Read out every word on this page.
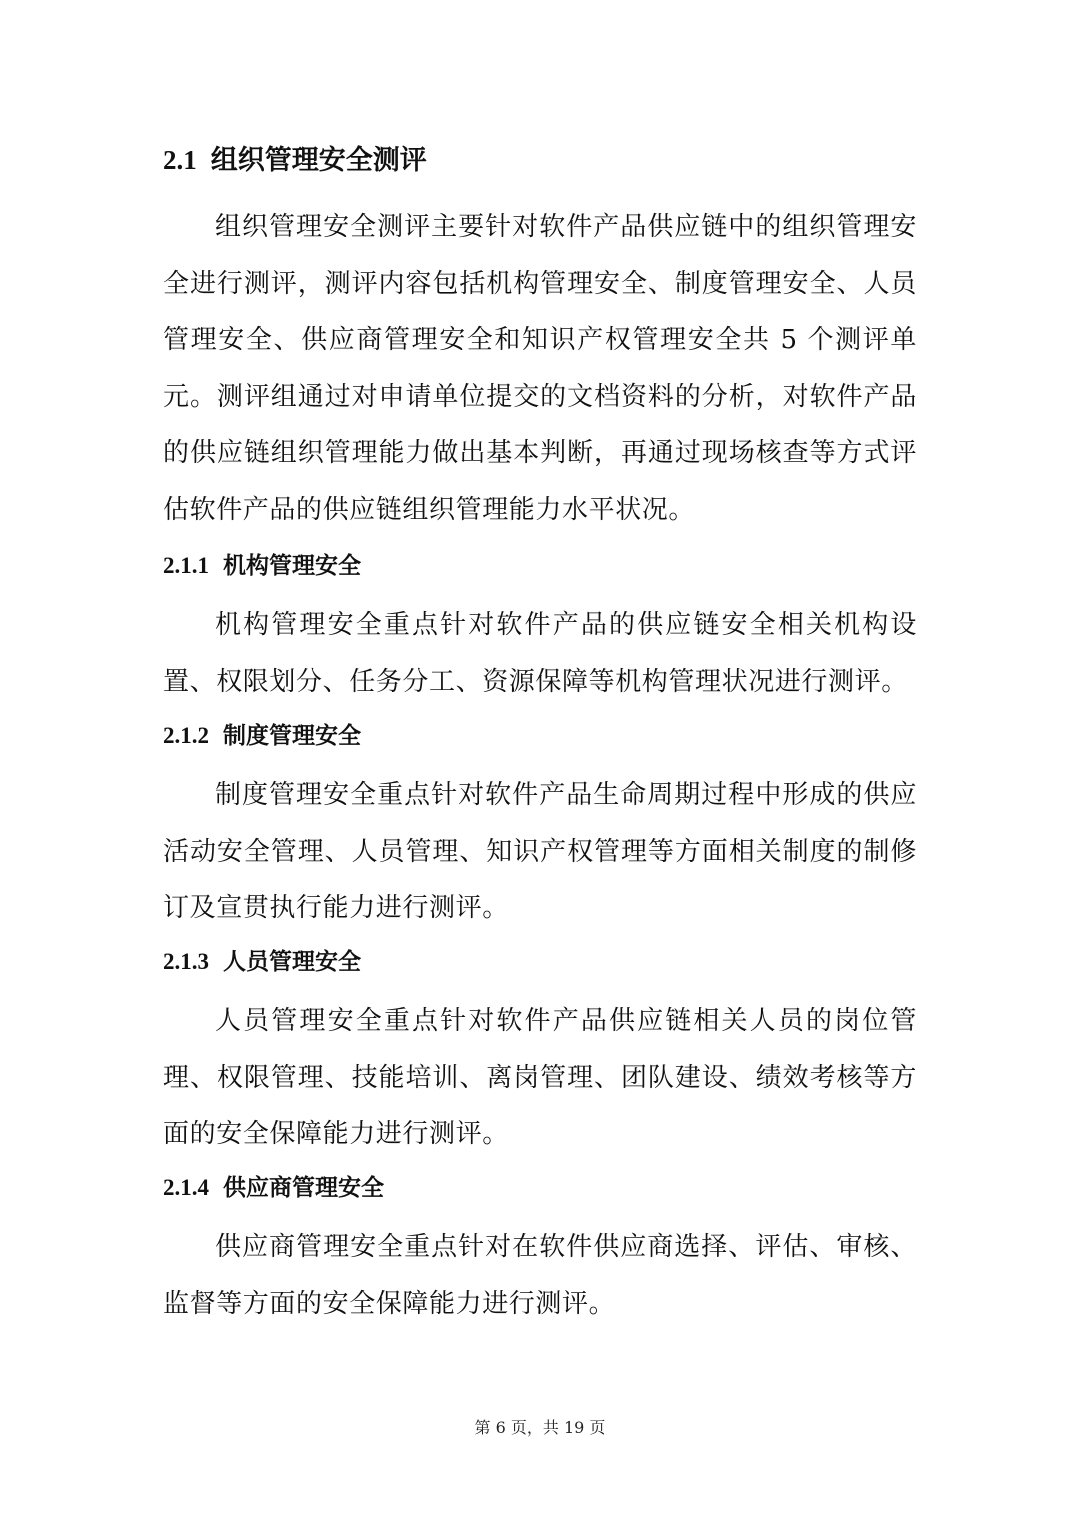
2.1 组织管理安全测评

组织管理安全测评主要针对软件产品供应链中的组织管理安全进行测评，测评内容包括机构管理安全、制度管理安全、人员管理安全、供应商管理安全和知识产权管理安全共 5 个测评单元。测评组通过对申请单位提交的文档资料的分析，对软件产品的供应链组织管理能力做出基本判断，再通过现场核查等方式评估软件产品的供应链组织管理能力水平状况。

2.1.1 机构管理安全

机构管理安全重点针对软件产品的供应链安全相关机构设置、权限划分、任务分工、资源保障等机构管理状况进行测评。

2.1.2 制度管理安全

制度管理安全重点针对软件产品生命周期过程中形成的供应活动安全管理、人员管理、知识产权管理等方面相关制度的制修订及宣贯执行能力进行测评。

2.1.3 人员管理安全

人员管理安全重点针对软件产品供应链相关人员的岗位管理、权限管理、技能培训、离岗管理、团队建设、绩效考核等方面的安全保障能力进行测评。

2.1.4 供应商管理安全

供应商管理安全重点针对在软件供应商选择、评估、审核、监督等方面的安全保障能力进行测评。

第 6 页，共 19 页
